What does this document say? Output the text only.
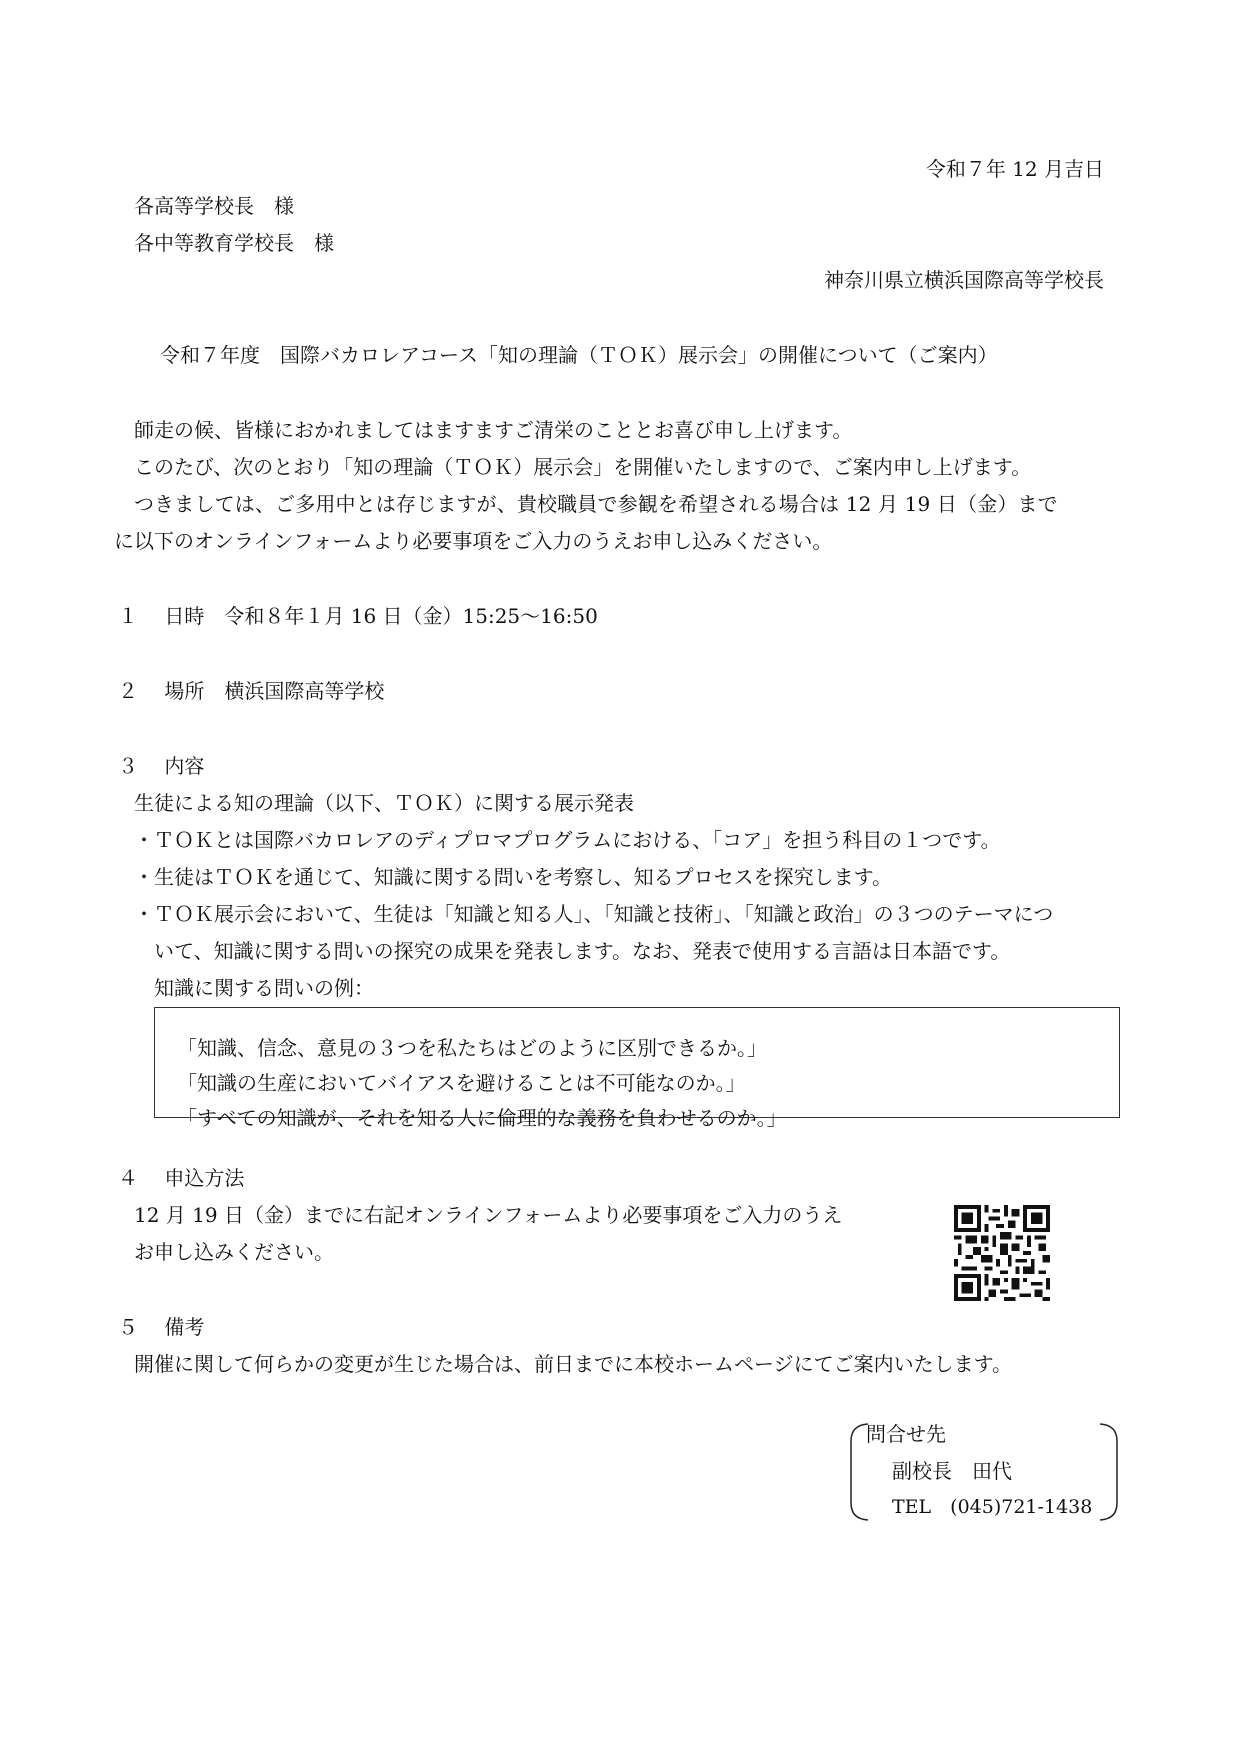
令和７年 12 月吉日

各高等学校長　様

各中等教育学校長　様

神奈川県立横浜国際高等学校長

令和７年度　国際バカロレアコース「知の理論（ＴＯＫ）展示会」の開催について（ご案内）

師走の候、皆様におかれましてはますますご清栄のこととお喜び申し上げます。

このたび、次のとおり「知の理論（ＴＯＫ）展示会」を開催いたしますので、ご案内申し上げます。

つきましては、ご多用中とは存じますが、貴校職員で参観を希望される場合は 12 月 19 日（金）まで

に以下のオンラインフォームより必要事項をご入力のうえお申し込みください。

１　 日時　令和８年１月 16 日（金）15:25～16:50

２　 場所　横浜国際高等学校

３　 内容

生徒による知の理論（以下、ＴＯＫ）に関する展示発表

・ＴＯＫとは国際バカロレアのディプロマプログラムにおける、「コア」を担う科目の１つです。

・生徒はＴＯＫを通じて、知識に関する問いを考察し、知るプロセスを探究します。

・ＴＯＫ展示会において、生徒は「知識と知る人」、「知識と技術」、「知識と政治」の３つのテーマにつ

いて、知識に関する問いの探究の成果を発表します。なお、発表で使用する言語は日本語です。

知識に関する問いの例：

「知識、信念、意見の３つを私たちはどのように区別できるか。」

「知識の生産においてバイアスを避けることは不可能なのか。」

「すべての知識が、それを知る人に倫理的な義務を負わせるのか。」

４　 申込方法

12 月 19 日（金）までに右記オンラインフォームより必要事項をご入力のうえ

お申し込みください。

５　 備考

開催に関して何らかの変更が生じた場合は、前日までに本校ホームページにてご案内いたします。

問合せ先

副校長　田代

TEL　(045)721-1438
